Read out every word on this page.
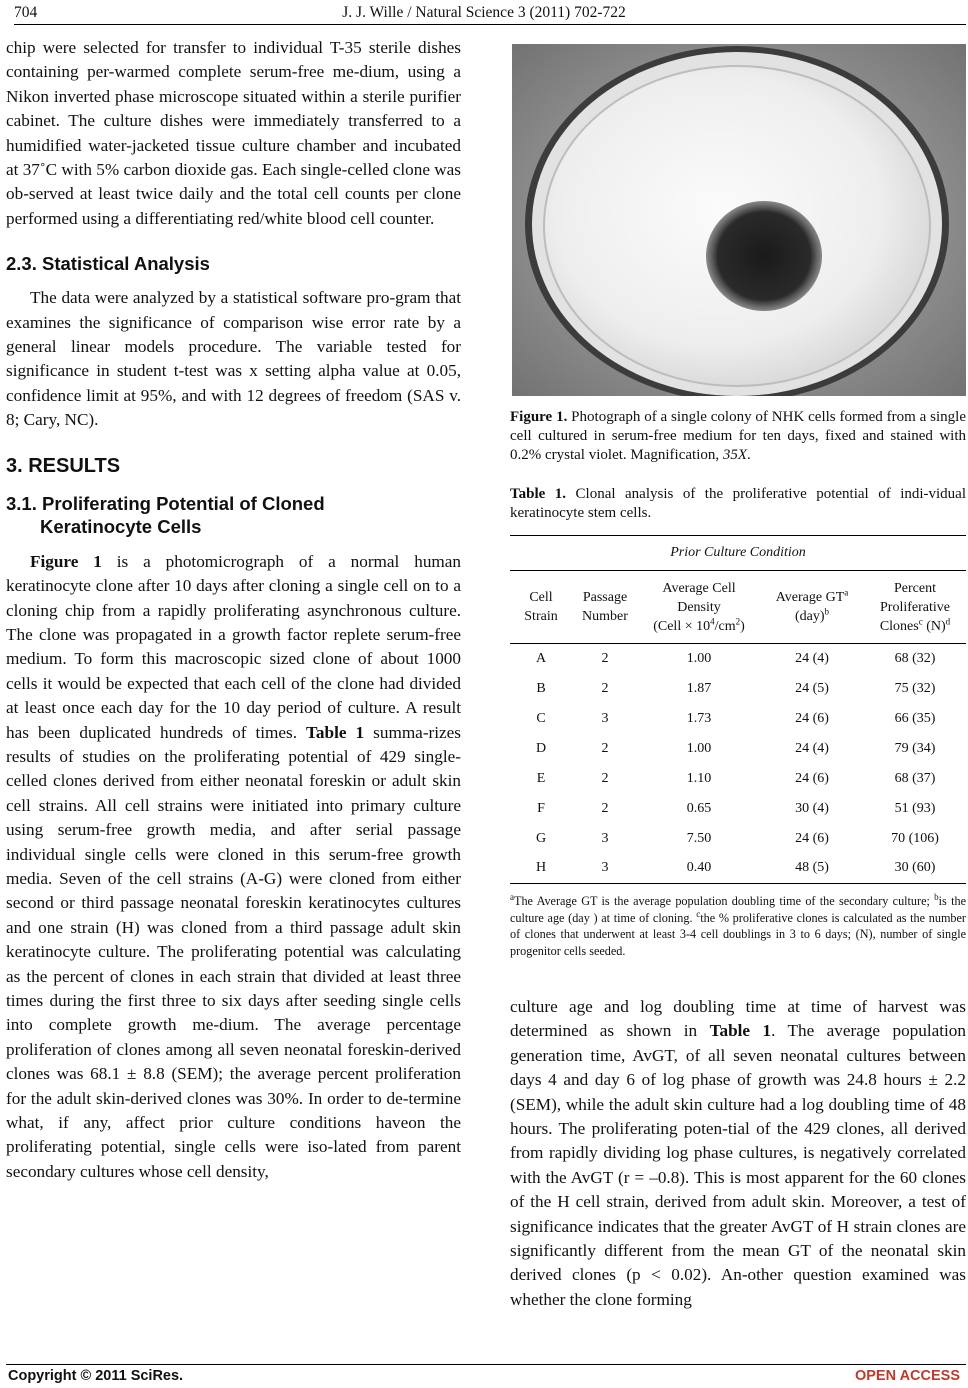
704	J. J. Wille / Natural Science 3 (2011) 702-722

chip were selected for transfer to individual T-35 sterile dishes containing per-warmed complete serum-free me-dium, using a Nikon inverted phase microscope situated within a sterile purifier cabinet. The culture dishes were immediately transferred to a humidified water-jacketed tissue culture chamber and incubated at 37˚C with 5% carbon dioxide gas. Each single-celled clone was ob-served at least twice daily and the total cell counts per clone performed using a differentiating red/white blood cell counter.

2.3. Statistical Analysis

The data were analyzed by a statistical software pro-gram that examines the significance of comparison wise error rate by a general linear models procedure. The variable tested for significance in student t-test was x setting alpha value at 0.05, confidence limit at 95%, and with 12 degrees of freedom (SAS v. 8; Cary, NC).

3. RESULTS
3.1. Proliferating Potential of Cloned
Keratinocyte Cells

Figure 1 is a photomicrograph of a normal human keratinocyte clone after 10 days after cloning a single cell on to a cloning chip from a rapidly proliferating asynchronous culture. The clone was propagated in a growth factor replete serum-free medium. To form this macroscopic sized clone of about 1000 cells it would be expected that each cell of the clone had divided at least once each day for the 10 day period of culture. A result has been duplicated hundreds of times. Table 1 summa-rizes results of studies on the proliferating potential of 429 single-celled clones derived from either neonatal foreskin or adult skin cell strains. All cell strains were initiated into primary culture using serum-free growth media, and after serial passage individual single cells were cloned in this serum-free growth media. Seven of the cell strains (A-G) were cloned from either second or third passage neonatal foreskin keratinocytes cultures and one strain (H) was cloned from a third passage adult skin keratinocyte culture. The proliferating potential was calculating as the percent of clones in each strain that divided at least three times during the first three to six days after seeding single cells into complete growth me-dium. The average percentage proliferation of clones among all seven neonatal foreskin-derived clones was 68.1 ± 8.8 (SEM); the average percent proliferation for the adult skin-derived clones was 30%. In order to de-termine what, if any, affect prior culture conditions haveon the proliferating potential, single cells were iso-lated from parent secondary cultures whose cell density,

Figure 1. Photograph of a single colony of NHK cells formed from a single cell cultured in serum-free medium for ten days, fixed and stained with 0.2% crystal violet. Magnification, 35X.
Table 1. Clonal analysis of the proliferative potential of indi-vidual keratinocyte stem cells.
Prior Culture Condition				
Cell
Strain	Passage
Number	Average Cell
Density
(Cell × $10^4/cm^2$)	Average $GT^a$
(day)$^b$	Percent
Proliferative
Clones$^c$ $(N)^d$
A	2	1.00	24 (4)	68 (32)
B	2	1.87	24 (5)	75 (32)
C	3	1.73	24 (6)	66 (35)
D	2	1.00	24 (4)	79 (34)
E	2	1.10	24 (6)	68 (37)
F	2	0.65	30 (4)	51 (93)
G	3	7.50	24 (6)	70 (106)
H	3	0.40	48 (5)	30 (60)
$^a$The Average GT is the average population doubling time of the secondary culture; $^b$is the culture age (day ) at time of cloning. $^c$the % proliferative clones is calculated as the number of clones that underwent at least 3-4 cell doublings in 3 to 6 days; (N), number of single progenitor cells seeded.

culture age and log doubling time at time of harvest was determined as shown in Table 1. The average population generation time, AvGT, of all seven neonatal cultures between days 4 and day 6 of log phase of growth was 24.8 hours ± 2.2 (SEM), while the adult skin culture had a log doubling time of 48 hours. The proliferating poten-tial of the 429 clones, all derived from rapidly dividing log phase cultures, is negatively correlated with the AvGT (r = –0.8). This is most apparent for the 60 clones of the H cell strain, derived from adult skin. Moreover, a test of significance indicates that the greater AvGT of H strain clones are significantly different from the mean GT of the neonatal skin derived clones (p < 0.02). An-other question examined was whether the clone forming

Copyright © 2011 SciRes.	OPEN ACCESS
